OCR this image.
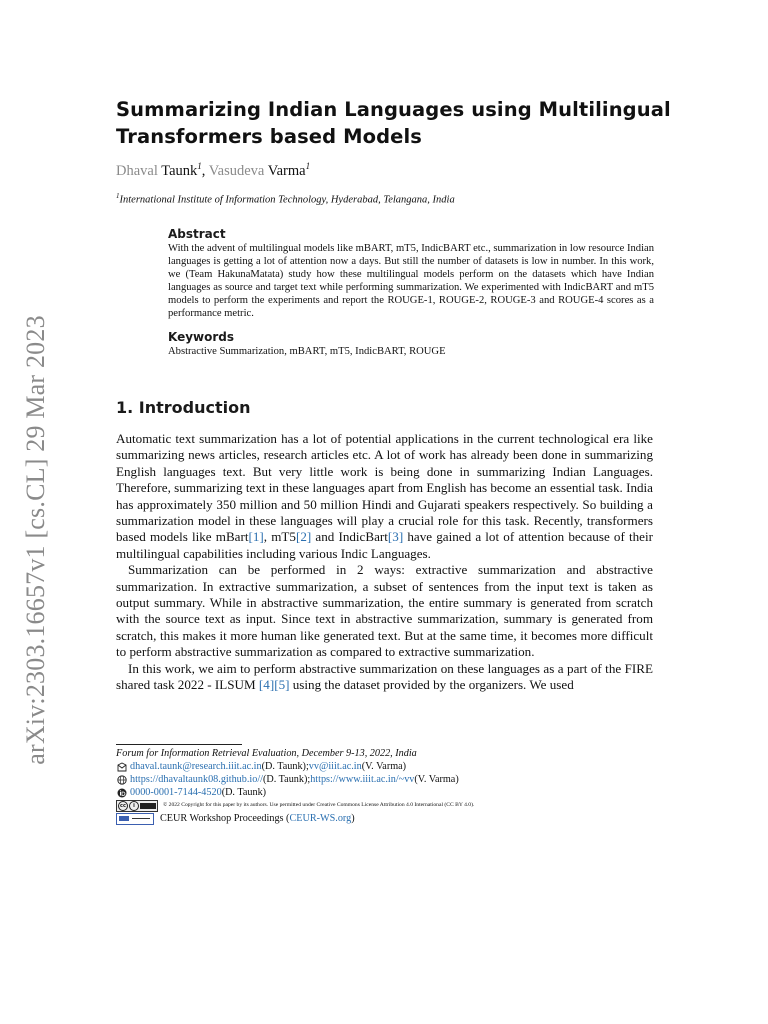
arXiv:2303.16657v1 [cs.CL] 29 Mar 2023
Summarizing Indian Languages using Multilingual Transformers based Models
Dhaval Taunk$^1$, Vasudeva Varma$^1$
$^1$International Institute of Information Technology, Hyderabad, Telangana, India
Abstract
With the advent of multilingual models like mBART, mT5, IndicBART etc., summarization in low resource Indian languages is getting a lot of attention now a days. But still the number of datasets is low in number. In this work, we (Team HakunaMatata) study how these multilingual models perform on the datasets which have Indian languages as source and target text while performing summarization. We experimented with IndicBART and mT5 models to perform the experiments and report the ROUGE-1, ROUGE-2, ROUGE-3 and ROUGE-4 scores as a performance metric.
Keywords
Abstractive Summarization, mBART, mT5, IndicBART, ROUGE
1. Introduction

Automatic text summarization has a lot of potential applications in the current technological era like summarizing news articles, research articles etc. A lot of work has already been done in summarizing English languages text. But very little work is being done in summarizing Indian Languages. Therefore, summarizing text in these languages apart from English has become an essential task. India has approximately 350 million and 50 million Hindi and Gujarati speakers respectively. So building a summarization model in these languages will play a crucial role for this task. Recently, transformers based models like mBart[1], mT5[2] and IndicBart[3] have gained a lot of attention because of their multilingual capabilities including various Indic Languages.

Summarization can be performed in 2 ways: extractive summarization and abstractive summarization. In extractive summarization, a subset of sentences from the input text is taken as output summary. While in abstractive summarization, the entire summary is generated from scratch with the source text as input. Since text in abstractive summarization, summary is generated from scratch, this makes it more human like generated text. But at the same time, it becomes more difficult to perform abstractive summarization as compared to extractive summarization.

In this work, we aim to perform abstractive summarization on these languages as a part of the FIRE shared task 2022 - ILSUM [4][5] using the dataset provided by the organizers. We used

Forum for Information Retrieval Evaluation, December 9-13, 2022, India
dhaval.taunk@research.iiit.ac.in (D. Taunk); vv@iiit.ac.in (V. Varma)
https://dhavaltaunk08.github.io// (D. Taunk); https://www.iiit.ac.in/~vv (V. Varma)
0000-0001-7144-4520 (D. Taunk)
cc	i	© 2022 Copyright for this paper by its authors. Use permitted under Creative Commons License Attribution 4.0 International (CC BY 4.0).
CEUR Workshop Proceedings (CEUR-WS.org)
